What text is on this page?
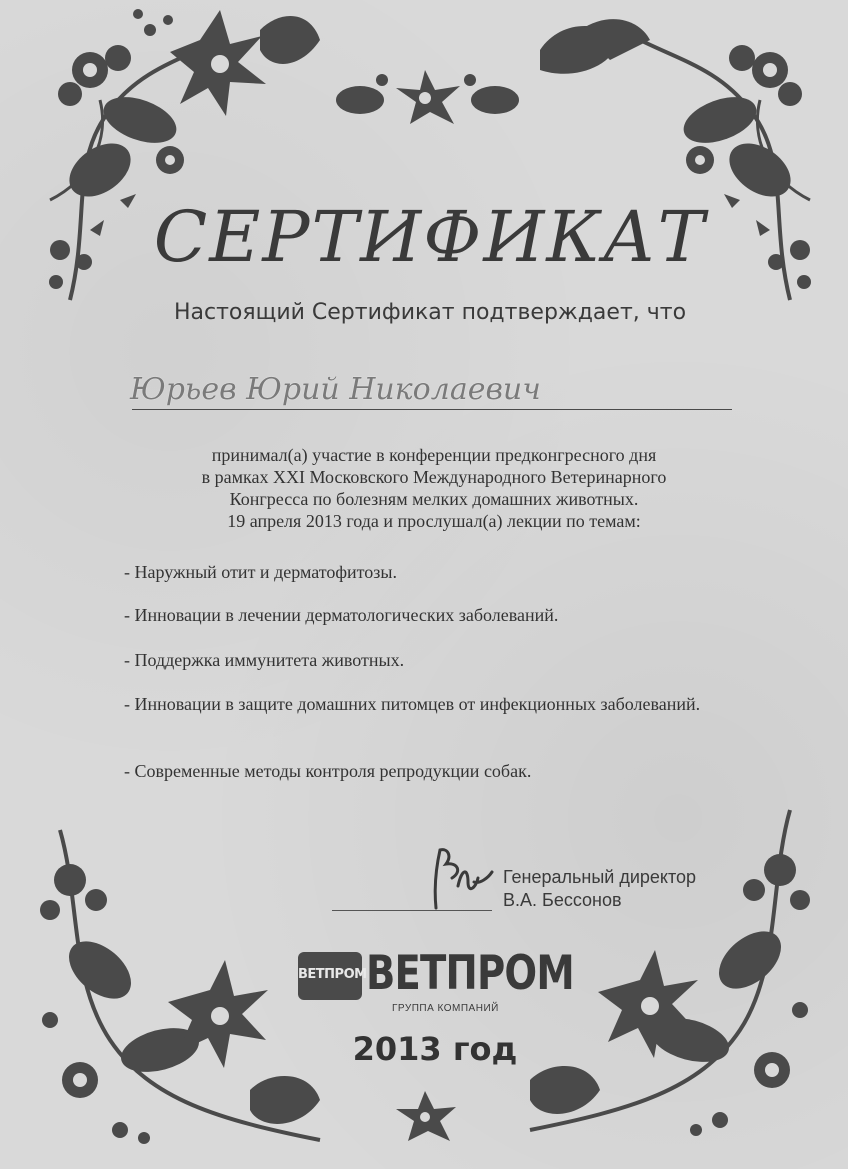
СЕРТИФИКАТ
Настоящий Сертификат подтверждает, что
Юрьев Юрий Николаевич
принимал(а) участие в конференции предконгресного дня
в рамках XXI Московского Международного Ветеринарного
Конгресса по болезням мелких домашних животных.
19 апреля 2013 года и прослушал(а) лекции по темам:
- Наружный отит и дерматофитозы.
- Инновации в лечении дерматологических заболеваний.
- Поддержка иммунитета животных.
- Инновации в защите домашних питомцев от инфекционных заболеваний.
- Современные методы контроля репродукции собак.
Генеральный директор
В.А. Бессонов
ВЕТПРОМ ВЕТПРОМ
ГРУППА КОМПАНИЙ
2013 год
